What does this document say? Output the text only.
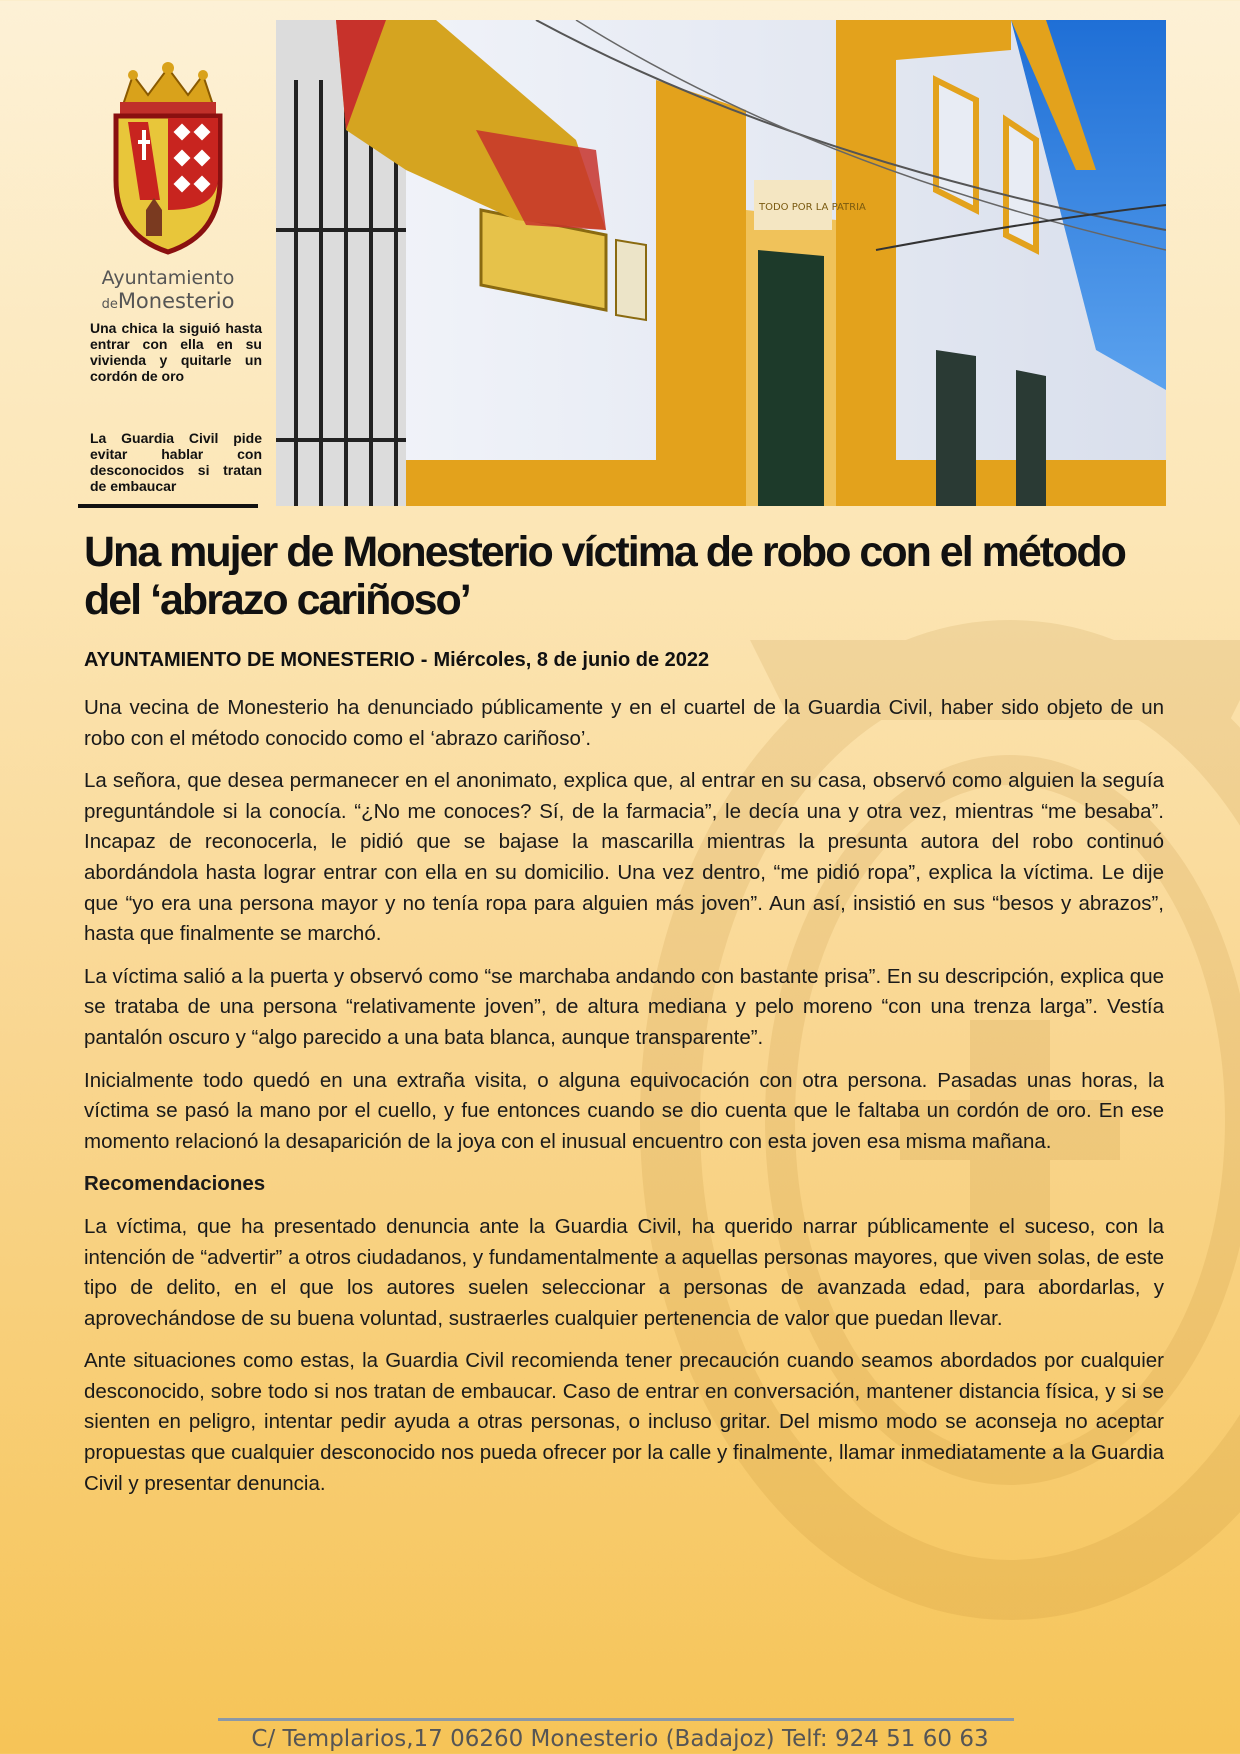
Ayuntamiento
deMonesterio

Una chica la siguió hasta entrar con ella en su vivienda y quitarle un cordón de oro

La Guardia Civil pide evitar hablar con desconocidos si tratan de embaucar

TODO POR LA PATRIA
Una mujer de Monesterio víctima de robo con el método del ‘abrazo cariñoso’
AYUNTAMIENTO DE MONESTERIO - Miércoles, 8 de junio de 2022

Una vecina de Monesterio ha denunciado públicamente y en el cuartel de la Guardia Civil, haber sido objeto de un robo con el método conocido como el ‘abrazo cariñoso’.

La señora, que desea permanecer en el anonimato, explica que, al entrar en su casa, observó como alguien la seguía preguntándole si la conocía. “¿No me conoces? Sí, de la farmacia”, le decía una y otra vez, mientras “me besaba”. Incapaz de reconocerla, le pidió que se bajase la mascarilla mientras la presunta autora del robo continuó abordándola hasta lograr entrar con ella en su domicilio. Una vez dentro, “me pidió ropa”, explica la víctima. Le dije que “yo era una persona mayor y no tenía ropa para alguien más joven”. Aun así, insistió en sus “besos y abrazos”, hasta que finalmente se marchó.

La víctima salió a la puerta y observó como “se marchaba andando con bastante prisa”. En su descripción, explica que se trataba de una persona “relativamente joven”, de altura mediana y pelo moreno “con una trenza larga”. Vestía pantalón oscuro y “algo parecido a una bata blanca, aunque transparente”.

Inicialmente todo quedó en una extraña visita, o alguna equivocación con otra persona. Pasadas unas horas, la víctima se pasó la mano por el cuello, y fue entonces cuando se dio cuenta que le faltaba un cordón de oro. En ese momento relacionó la desaparición de la joya con el inusual encuentro con esta joven esa misma mañana.

Recomendaciones

La víctima, que ha presentado denuncia ante la Guardia Civil, ha querido narrar públicamente el suceso, con la intención de “advertir” a otros ciudadanos, y fundamentalmente a aquellas personas mayores, que viven solas, de este tipo de delito, en el que los autores suelen seleccionar a personas de avanzada edad, para abordarlas, y aprovechándose de su buena voluntad, sustraerles cualquier pertenencia de valor que puedan llevar.

Ante situaciones como estas, la Guardia Civil recomienda tener precaución cuando seamos abordados por cualquier desconocido, sobre todo si nos tratan de embaucar. Caso de entrar en conversación, mantener distancia física, y si se sienten en peligro, intentar pedir ayuda a otras personas, o incluso gritar. Del mismo modo se aconseja no aceptar propuestas que cualquier desconocido nos pueda ofrecer por la calle y finalmente, llamar inmediatamente a la Guardia Civil y presentar denuncia.

C/ Templarios,17 06260 Monesterio (Badajoz) Telf: 924 51 60 63
